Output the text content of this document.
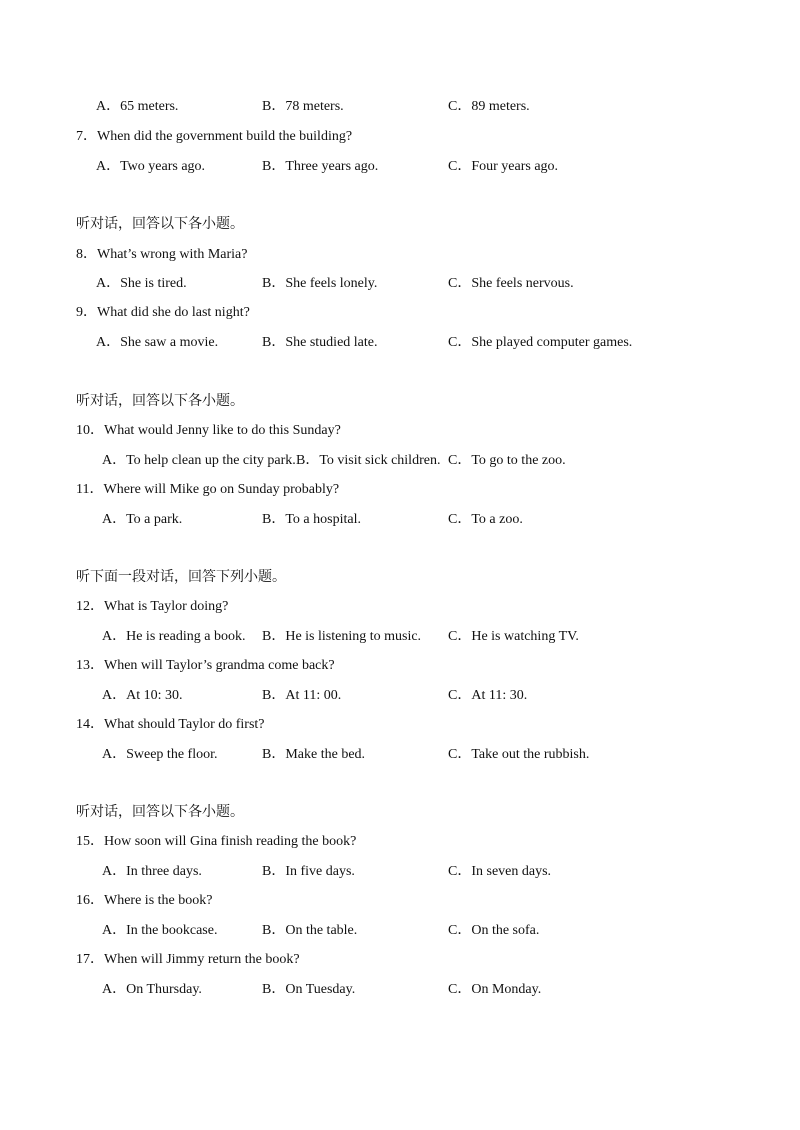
A．65 meters.	B．78 meters.	C．89 meters.
7．When did the government build the building?
A．Two years ago.	B．Three years ago.	C．Four years ago.
听对话，回答以下各小题。
8．What’s wrong with Maria?
A．She is tired.	B．She feels lonely.	C．She feels nervous.
9．What did she do last night?
A．She saw a movie.	B．She studied late.	C．She played computer games.
听对话，回答以下各小题。
10．What would Jenny like to do this Sunday?
A．To help clean up the city park. B．To visit sick children. C．To go to the zoo.
11．Where will Mike go on Sunday probably?
A．To a park.	B．To a hospital.	C．To a zoo.
听下面一段对话，回答下列小题。
12．What is Taylor doing?
A．He is reading a book. B．He is listening to music. C．He is watching TV.
13．When will Taylor’s grandma come back?
A．At 10: 30.	B．At 11: 00.	C．At 11: 30.
14．What should Taylor do first?
A．Sweep the floor.	B．Make the bed.	C．Take out the rubbish.
听对话，回答以下各小题。
15．How soon will Gina finish reading the book?
A．In three days.	B．In five days.	C．In seven days.
16．Where is the book?
A．In the bookcase.	B．On the table.	C．On the sofa.
17．When will Jimmy return the book?
A．On Thursday.	B．On Tuesday.	C．On Monday.
